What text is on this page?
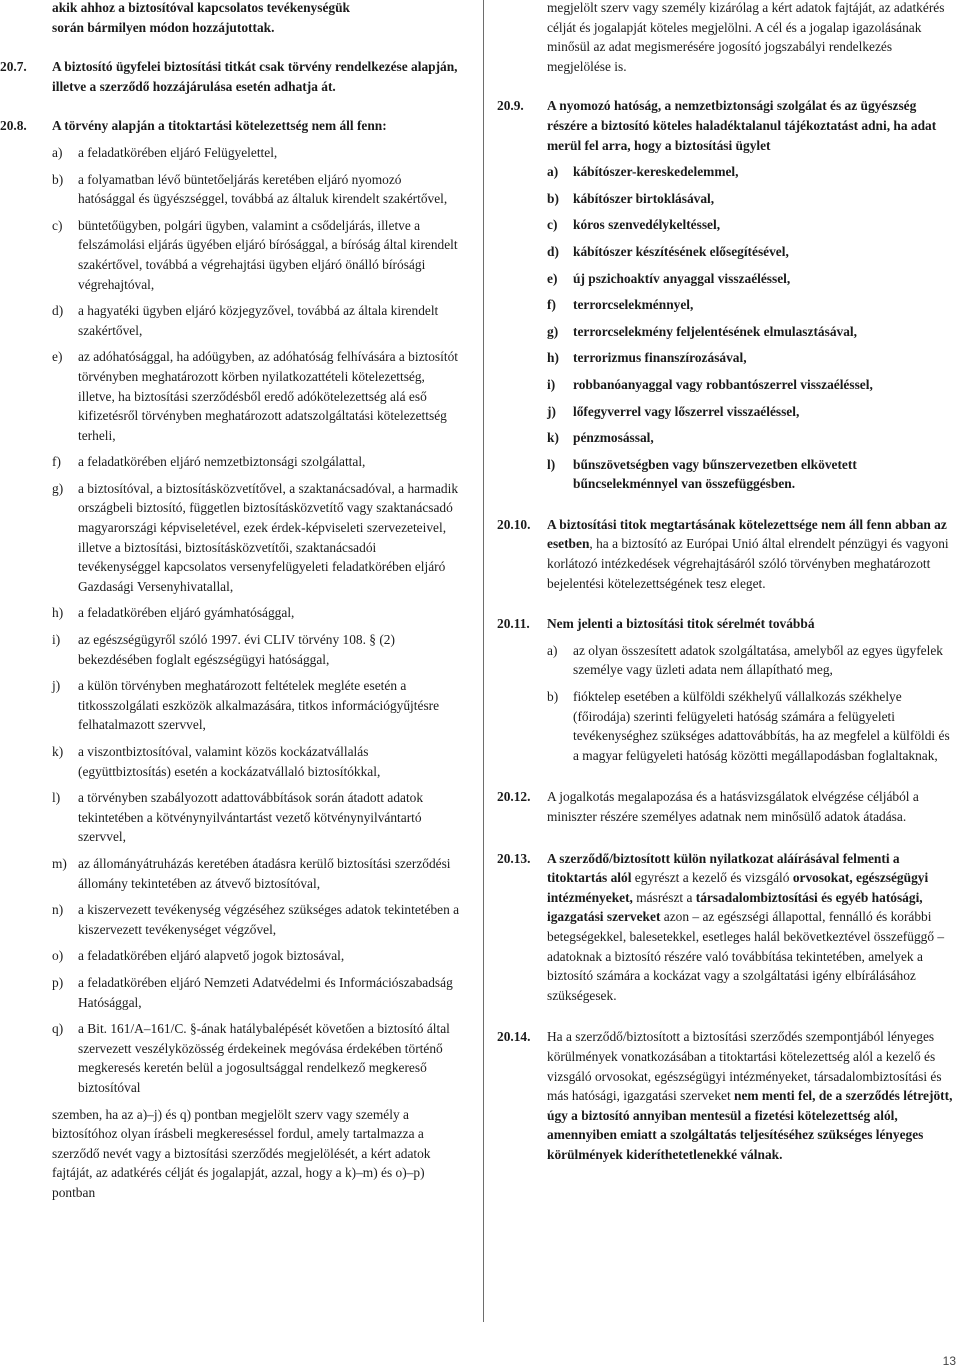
akik ahhoz a biztosítóval kapcsolatos tevékenységük

során bármilyen módon hozzájutottak.

20.7.	A biztosító ügyfelei biztosítási titkát csak törvény rendelkezése alapján, illetve a szerződő hozzájárulása esetén adhatja át.
20.8.	A törvény alapján a titoktartási kötelezettség nem áll fenn:
a)	a feladatkörében eljáró Felügyelettel,
b)	a folyamatban lévő büntetőeljárás keretében eljáró nyomozó hatósággal és ügyészséggel, továbbá az általuk kirendelt szakértővel,
c)	büntetőügyben, polgári ügyben, valamint a csődeljárás, illetve a felszámolási eljárás ügyében eljáró bírósággal, a bíróság által kirendelt szakértővel, továbbá a végrehajtási ügyben eljáró önálló bírósági végrehajtóval,
d)	a hagyatéki ügyben eljáró közjegyzővel, továbbá az általa kirendelt szakértővel,
e)	az adóhatósággal, ha adóügyben, az adóhatóság felhívására a biztosítót törvényben meghatározott körben nyilatkozattételi kötelezettség, illetve, ha biztosítási szerződésből eredő adókötelezettség alá eső kifizetésről törvényben meghatározott adatszolgáltatási kötelezettség terheli,
f)	a feladatkörében eljáró nemzetbiztonsági szolgálattal,
g)	a biztosítóval, a biztosításközvetítővel, a szaktanácsadóval, a harmadik országbeli biztosító, független biztosításközvetítő vagy szaktanácsadó magyarországi képviseletével, ezek érdek-képviseleti szervezeteivel, illetve a biztosítási, biztosításközvetítői, szaktanácsadói tevékenységgel kapcsolatos versenyfelügyeleti feladatkörében eljáró Gazdasági Versenyhivatallal,
h)	a feladatkörében eljáró gyámhatósággal,
i)	az egészségügyről szóló 1997. évi CLIV törvény 108. § (2) bekezdésében foglalt egészségügyi hatósággal,
j)	a külön törvényben meghatározott feltételek megléte esetén a titkosszolgálati eszközök alkalmazására, titkos információgyűjtésre felhatalmazott szervvel,
k)	a viszontbiztosítóval, valamint közös kockázatvállalás (együttbiztosítás) esetén a kockázatvállaló biztosítókkal,
l)	a törvényben szabályozott adattovábbítások során átadott adatok tekintetében a kötvénynyilvántartást vezető kötvénynyilvántartó szervvel,
m) az állományátruházás keretében átadásra kerülő biztosítási szerződési állomány tekintetében az átvevő biztosítóval,
n)	a kiszervezett tevékenység végzéséhez szükséges adatok tekintetében a kiszervezett tevékenységet végzővel,
o)	a feladatkörében eljáró alapvető jogok biztosával,
p)	a feladatkörében eljáró Nemzeti Adatvédelmi és Információszabadság Hatósággal,
q)	a Bit. 161/A–161/C. §-ának hatálybalépését követően a biztosító által szervezett veszélyközösség érdekeinek megóvása érdekében történő megkeresés keretén belül a jogosultsággal rendelkező megkereső biztosítóval

szemben, ha az a)–j) és q) pontban megjelölt szerv vagy személy a biztosítóhoz olyan írásbeli megkereséssel fordul, amely tartalmazza a szerződő nevét vagy a biztosítási szerződés megjelölését, a kért adatok fajtáját, az adatkérés célját és jogalapját, azzal, hogy a k)–m) és o)–p) pontban

megjelölt szerv vagy személy kizárólag a kért adatok fajtáját, az adatkérés célját és jogalapját köteles megjelölni. A cél és a jogalap igazolásának minősül az adat megismerésére jogosító jogszabályi rendelkezés megjelölése is.

20.9.	A nyomozó hatóság, a nemzetbiztonsági szolgálat és az ügyészség részére a biztosító köteles haladéktalanul tájékoztatást adni, ha adat merül fel arra, hogy a biztosítási ügylet
a)	kábítószer-kereskedelemmel,
b)	kábítószer birtoklásával,
c)	kóros szenvedélykeltéssel,
d)	kábítószer készítésének elősegítésével,
e)	új pszichoaktív anyaggal visszaéléssel,
f)	terrorcselekménnyel,
g)	terrorcselekmény feljelentésének elmulasztásával,
h)	terrorizmus finanszírozásával,
i)	robbanóanyaggal vagy robbantószerrel visszaéléssel,
j)	lőfegyverrel vagy lőszerrel visszaéléssel,
k)	pénzmosással,
l)	bűnszövetségben vagy bűnszervezetben elkövetett bűncselekménnyel van összefüggésben.
20.10.	A biztosítási titok megtartásának kötelezettsége nem áll fenn abban az esetben, ha a biztosító az Európai Unió által elrendelt pénzügyi és vagyoni korlátozó intézkedések végrehajtásáról szóló törvényben meghatározott bejelentési kötelezettségének tesz eleget.
20.11.	Nem jelenti a biztosítási titok sérelmét továbbá
a)	az olyan összesített adatok szolgáltatása, amelyből az egyes ügyfelek személye vagy üzleti adata nem állapítható meg,
b)	fióktelep esetében a külföldi székhelyű vállalkozás székhelye (főirodája) szerinti felügyeleti hatóság számára a felügyeleti tevékenységhez szükséges adattovábbítás, ha az megfelel a külföldi és a magyar felügyeleti hatóság közötti megállapodásban foglaltaknak,
20.12.	A jogalkotás megalapozása és a hatásvizsgálatok elvégzése céljából a miniszter részére személyes adatnak nem minősülő adatok átadása.
20.13.	A szerződő/biztosított külön nyilatkozat aláírásával felmenti a titoktartás alól egyrészt a kezelő és vizsgáló orvosokat, egészségügyi intézményeket, másrészt a társadalombiztosítási és egyéb hatósági, igazgatási szerveket azon – az egészségi állapottal, fennálló és korábbi betegségekkel, balesetekkel, esetleges halál bekövetkeztével összefüggő – adatoknak a biztosító részére való továbbítása tekintetében, amelyek a biztosító számára a kockázat vagy a szolgáltatási igény elbírálásához szükségesek.
20.14.	Ha a szerződő/biztosított a biztosítási szerződés szempontjából lényeges körülmények vonatkozásában a titoktartási kötelezettség alól a kezelő és vizsgáló orvosokat, egészségügyi intézményeket, társadalombiztosítási és más hatósági, igazgatási szerveket nem menti fel, de a szerződés létrejött, úgy a biztosító annyiban mentesül a fizetési kötelezettség alól, amennyiben emiatt a szolgáltatás teljesítéséhez szükséges lényeges körülmények kideríthetetlenekké válnak.
13
